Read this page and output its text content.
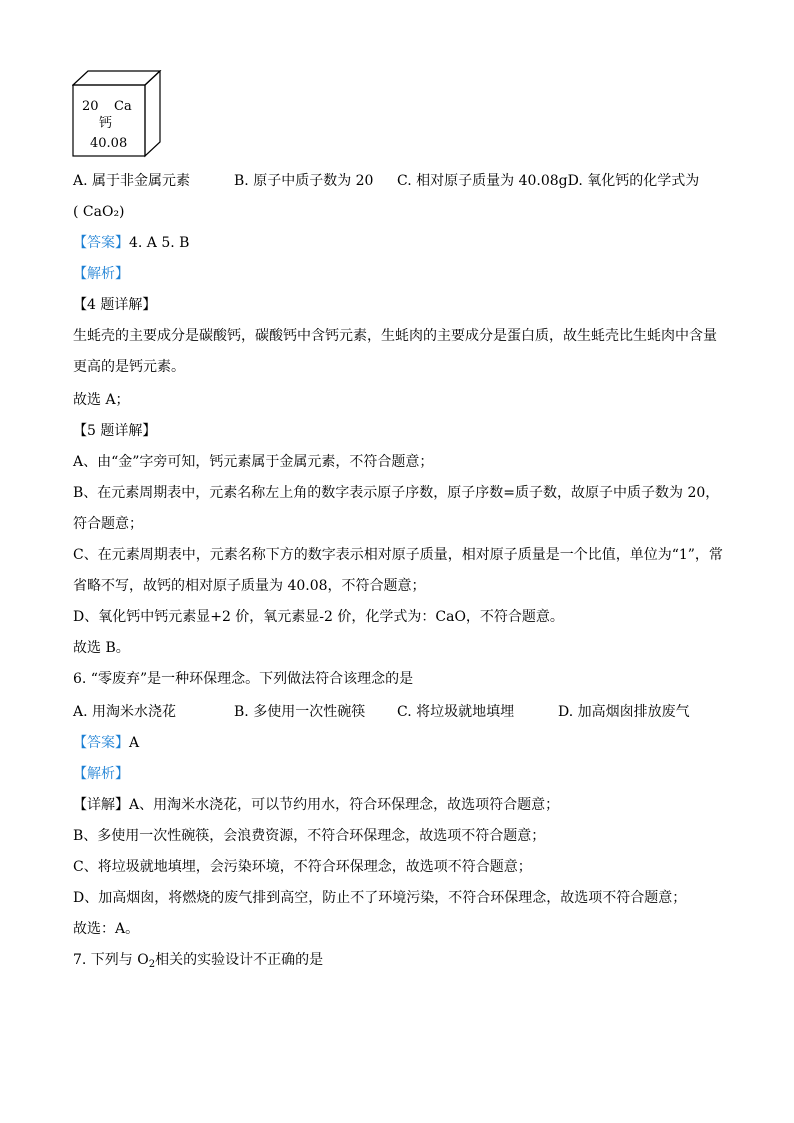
20 Ca
钙
40.08
A. 属于非金属元素	B. 原子中质子数为 20 C. 相对原子质量为 40.08gD. 氧化钙的化学式为
( CaO₂)
【答案】4. A 5. B
【解析】
【4 题详解】
生蚝壳的主要成分是碳酸钙，碳酸钙中含钙元素，生蚝肉的主要成分是蛋白质，故生蚝壳比生蚝肉中含量
更高的是钙元素。
故选 A；
【5 题详解】
A、由“金”字旁可知，钙元素属于金属元素，不符合题意；
B、在元素周期表中，元素名称左上角的数字表示原子序数，原子序数=质子数，故原子中质子数为 20，
符合题意；
C、在元素周期表中，元素名称下方的数字表示相对原子质量，相对原子质量是一个比值，单位为“1”，常
省略不写，故钙的相对原子质量为 40.08，不符合题意；
D、氧化钙中钙元素显+2 价，氧元素显-2 价，化学式为：CaO，不符合题意。
故选 B。
6. “零废弃”是一种环保理念。下列做法符合该理念的是
A. 用淘米水浇花	B. 多使用一次性碗筷 C. 将垃圾就地填埋	D. 加高烟囱排放废气
【答案】A
【解析】
【详解】A、用淘米水浇花，可以节约用水，符合环保理念，故选项符合题意；
B、多使用一次性碗筷，会浪费资源，不符合环保理念，故选项不符合题意；
C、将垃圾就地填埋，会污染环境，不符合环保理念，故选项不符合题意；
D、加高烟囱，将燃烧的废气排到高空，防止不了环境污染，不符合环保理念，故选项不符合题意；
故选：A。
7. 下列与 $O_2$相关的实验设计不正确的是
